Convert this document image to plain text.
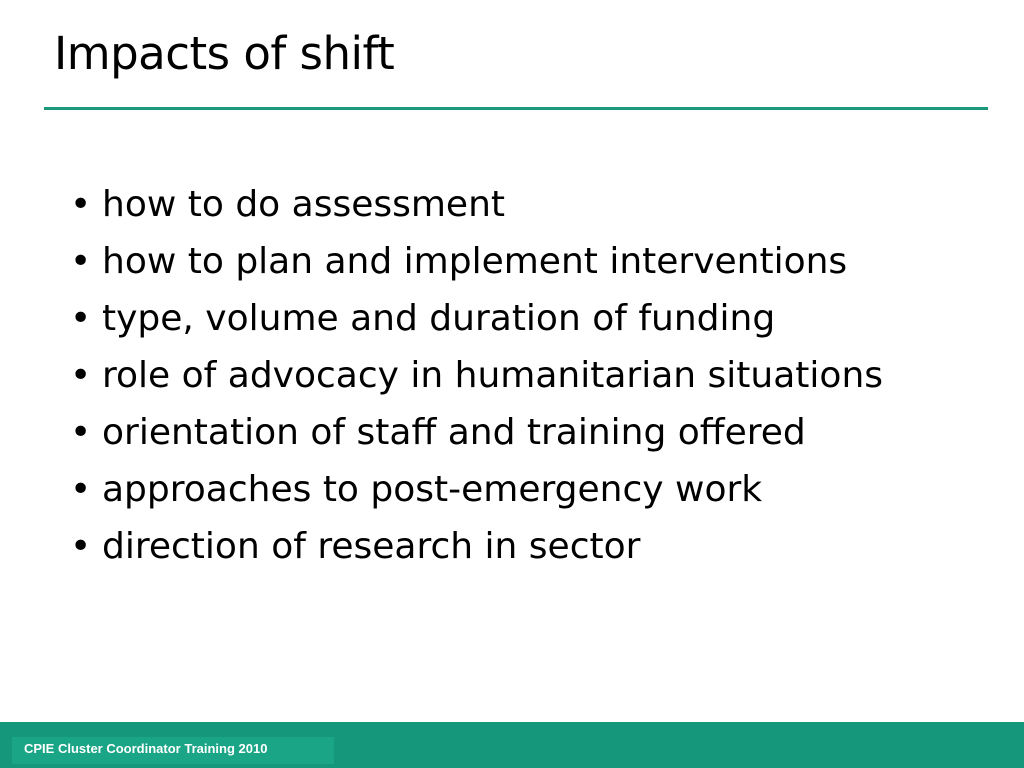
Impacts of shift
• how to do assessment
• how to plan and implement interventions
• type, volume and duration of funding
• role of advocacy in humanitarian situations
• orientation of staff and training offered
• approaches to post-emergency work
• direction of research in sector
CPIE Cluster Coordinator Training 2010
